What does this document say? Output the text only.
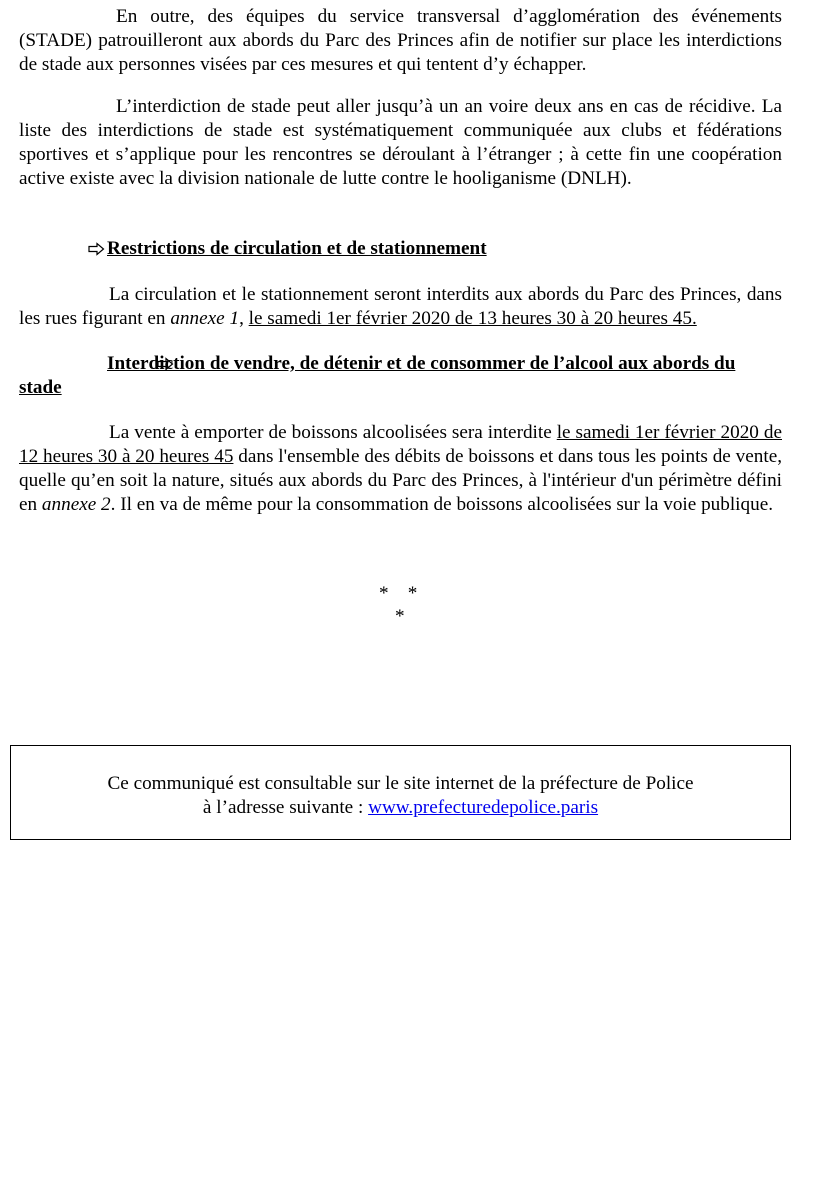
En outre, des équipes du service transversal d’agglomération des événements (STADE) patrouilleront aux abords du Parc des Princes afin de notifier sur place les interdictions de stade aux personnes visées par ces mesures et qui tentent d’y échapper.

L’interdiction de stade peut aller jusqu’à un an voire deux ans en cas de récidive. La liste des interdictions de stade est systématiquement communiquée aux clubs et fédérations sportives et s’applique pour les rencontres se déroulant à l’étranger ; à cette fin une coopération active existe avec la division nationale de lutte contre le hooliganisme (DNLH).

Restrictions de circulation et de stationnement

La circulation et le stationnement seront interdits aux abords du Parc des Princes, dans les rues figurant en annexe 1, le samedi 1er février 2020 de 13 heures 30 à 20 heures 45.

Interdiction de vendre, de détenir et de consommer de l’alcool aux abords du stade

La vente à emporter de boissons alcoolisées sera interdite le samedi 1er février 2020 de 12 heures 30 à 20 heures 45 dans l'ensemble des débits de boissons et dans tous les points de vente, quelle qu’en soit la nature, situés aux abords du Parc des Princes, à l'intérieur d'un périmètre défini en annexe 2. Il en va de même pour la consommation de boissons alcoolisées sur la voie publique.

*    *
*
Ce communiqué est consultable sur le site internet de la préfecture de Police
à l’adresse suivante : www.prefecturedepolice.paris
